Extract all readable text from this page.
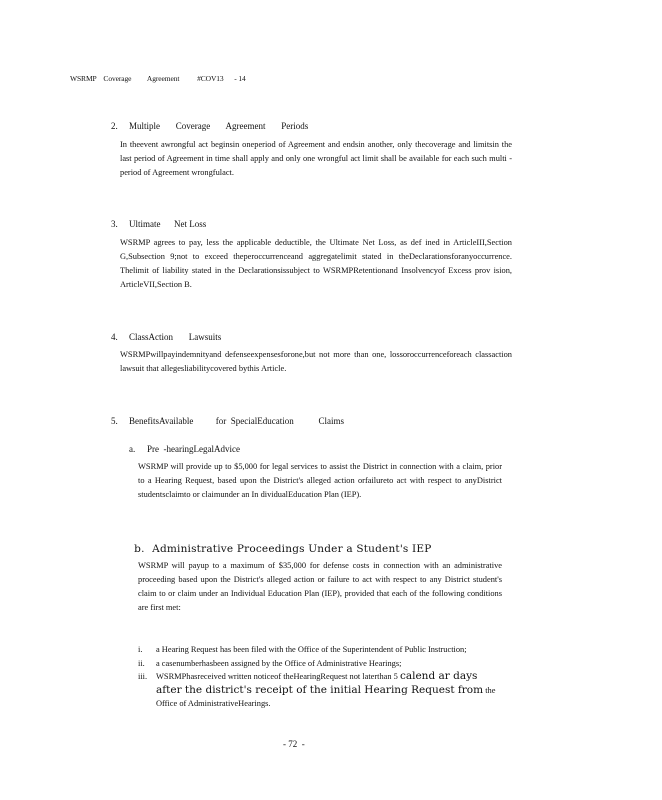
WSRMP    Coverage         Agreement          #COV13      - 14

2. Multiple       Coverage       Agreement       Periods

In theevent awrongful act beginsin oneperiod of Agreement and endsin another, only thecoverage and limitsin the last period of Agreement in time shall apply and only one wrongful act limit shall be available for each such multi -period of Agreement wrongfulact.

3. Ultimate      Net Loss

WSRMP agrees to pay, less the applicable deductible, the Ultimate Net Loss, as def ined in ArticleIII,Section G,Subsection 9;not to exceed theperoccurrenceand aggregatelimit stated in theDeclarationsforanyoccurrence. Thelimit of liability stated in the Declarationsissubject to WSRMPRetentionand Insolvencyof Excess prov ision, ArticleVII,Section B.

4. ClassAction       Lawsuits

WSRMPwillpayindemnityand defenseexpensesforone,but not more than one, lossoroccurrenceforeach classaction lawsuit that allegesliabilitycovered bythis Article.

5. BenefitsAvailable          for  SpecialEducation           Claims

a. Pre  -hearingLegalAdvice

WSRMP will provide up to $5,000 for legal services to assist the District in connection with a claim, prior to a Hearing Request, based upon the District's alleged action orfailureto act with respect to anyDistrict studentsclaimto or claimunder an In dividualEducation Plan (IEP).

b. Administrative Proceedings Under a Student's IEP

WSRMP will payup to a maximum of $35,000 for defense costs in connection with an administrative proceeding based upon the District's alleged action or failure to act with respect to any District student's claim to or claim under an Individual Education Plan (IEP), provided that each of the following conditions are first met:
i. a Hearing Request has been filed with the Office of the Superintendent of Public Instruction;
ii. a casenumberhasbeen assigned by the Office of Administrative Hearings;
iii. WSRMPhasreceived written noticeof theHearingRequest not laterthan 5 calend ar days after the district's receipt of the initial Hearing Request from the Office of AdministrativeHearings.
- 72  -
